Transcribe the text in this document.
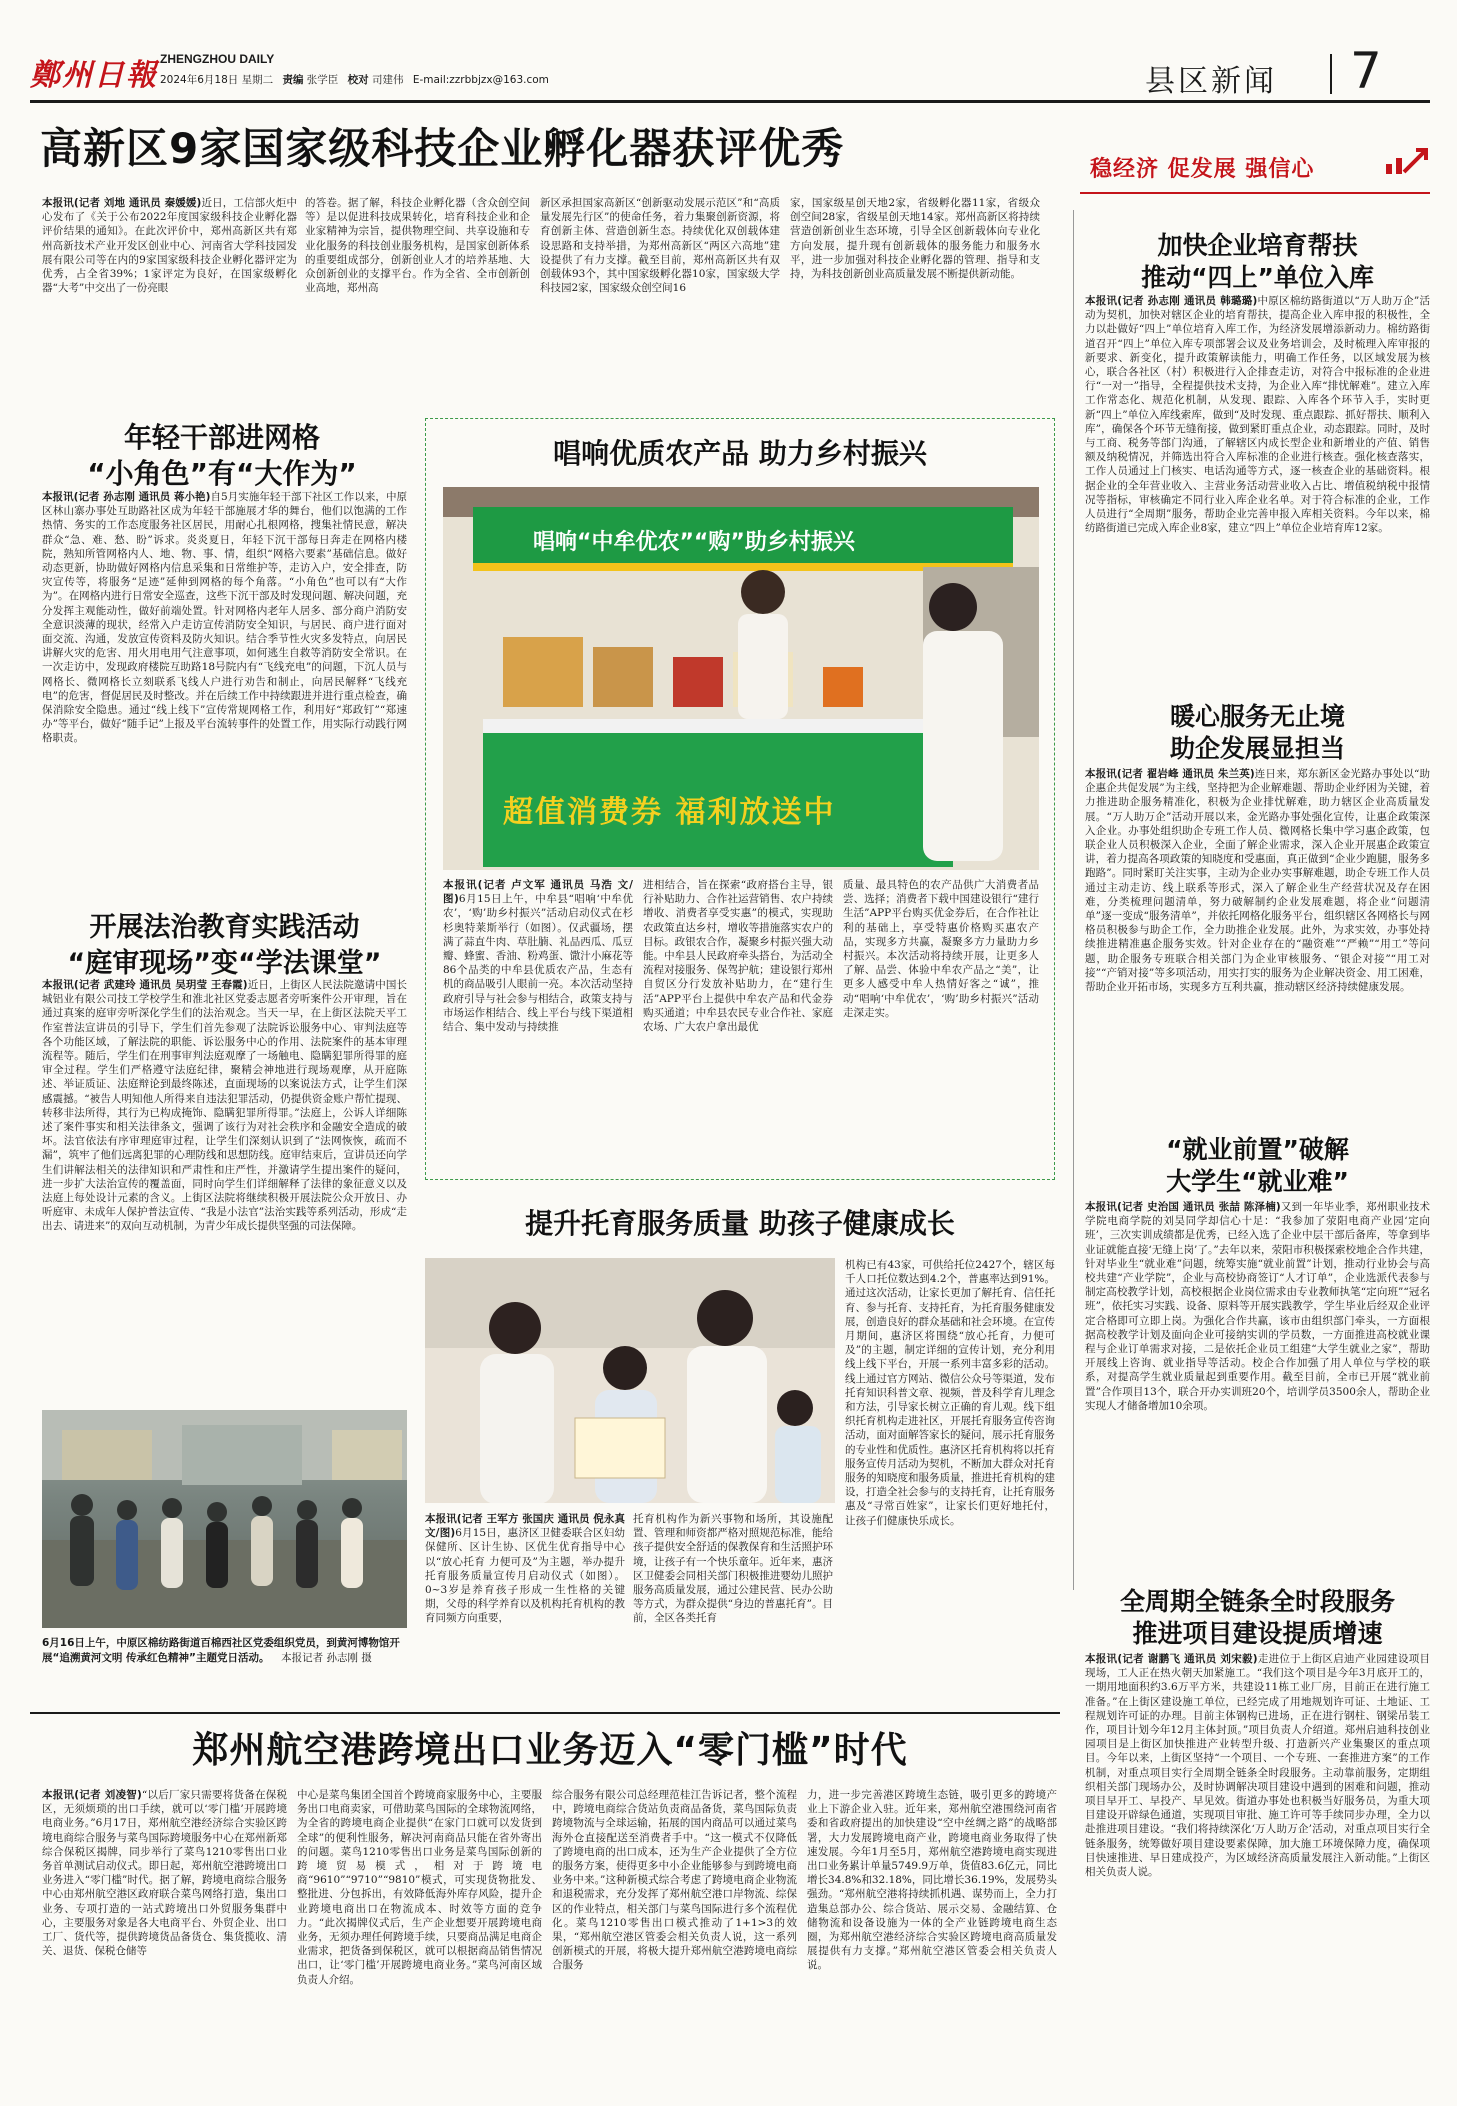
鄭州日報 ZHENGZHOU DAILY
2024年6月18日 星期二 责编 张学臣 校对 司建伟 E-mail:zzrbbjzx@163.com	县区新闻 7
高新区9家国家级科技企业孵化器获评优秀	稳经济 促发展 强信心

本报讯(记者 刘地 通讯员 秦媛媛)近日，工信部火炬中心发布了《关于公布2022年度国家级科技企业孵化器评价结果的通知》。在此次评价中，郑州高新区共有郑州高新技术产业开发区创业中心、河南省大学科技园发展有限公司等在内的9家国家级科技企业孵化器评定为优秀，占全省39%；1家评定为良好，在国家级孵化器“大考”中交出了一份亮眼

的答卷。据了解，科技企业孵化器（含众创空间等）是以促进科技成果转化，培育科技企业和企业家精神为宗旨，提供物理空间、共享设施和专业化服务的科技创业服务机构，是国家创新体系的重要组成部分，创新创业人才的培养基地、大众创新创业的支撑平台。作为全省、全市创新创业高地，郑州高

新区承担国家高新区“创新驱动发展示范区”和“高质量发展先行区”的使命任务，着力集聚创新资源，将育创新主体、营造创新生态。持续优化双创载体建设思路和支持举措，为郑州高新区“两区六高地”建设提供了有力支撑。截至目前，郑州高新区共有双创载体93个，其中国家级孵化器10家，国家级大学科技园2家，国家级众创空间16

家，国家级星创天地2家，省级孵化器11家，省级众创空间28家，省级星创天地14家。郑州高新区将持续营造创新创业生态环境，引导全区创新载体向专业化方向发展，提升现有创新载体的服务能力和服务水平，进一步加强对科技企业孵化器的管理、指导和支持，为科技创新创业高质量发展不断提供新动能。

年轻干部进网格
“小角色”有“大作为”

本报讯(记者 孙志刚 通讯员 蒋小艳)自5月实施年轻干部下社区工作以来，中原区林山寨办事处互助路社区成为年轻干部施展才华的舞台，他们以饱满的工作热情、务实的工作态度服务社区居民，用耐心扎根网格，搜集社情民意，解决群众“急、难、愁、盼”诉求。炎炎夏日，年轻下沉干部每日奔走在网格内楼院，熟知所管网格内人、地、物、事、情，组织“网格六要素”基础信息。做好动态更新，协助做好网格内信息采集和日常维护等，走访入户，安全排查，防灾宣传等，将服务“足迹”延伸到网格的每个角落。“小角色”也可以有“大作为”。在网格内进行日常安全巡查，这些下沉干部及时发现问题、解决问题，充分发挥主观能动性，做好前端处置。针对网格内老年人居多、部分商户消防安全意识淡薄的现状，经常入户走访宣传消防安全知识，与居民、商户进行面对面交流、沟通，发放宣传资料及防火知识。结合季节性火灾多发特点，向居民讲解火灾的危害、用火用电用气注意事项，如何逃生自救等消防安全常识。在一次走访中，发现政府楼院互助路18号院内有“飞线充电”的问题，下沉人员与网格长、微网格长立刻联系飞线人户进行劝告和制止，向居民解释“飞线充电”的危害，督促居民及时整改。并在后续工作中持续跟进并进行重点检查，确保消除安全隐患。通过“线上线下”宣传常规网格工作，利用好“郑政钉”“郑速办”等平台，做好“随手记”上报及平台流转事件的处置工作，用实际行动践行网格职责。

开展法治教育实践活动
“庭审现场”变“学法课堂”

本报讯(记者 武建玲 通讯员 吴玥莹 王春霞)近日，上街区人民法院邀请中国长城铝业有限公司技工学校学生和淮北社区党委志愿者旁听案件公开审理，旨在通过真案的庭审旁听深化学生们的法治观念。当天一早，在上街区法院天平工作室普法宣讲员的引导下，学生们首先参观了法院诉讼服务中心、审判法庭等各个功能区域，了解法院的职能、诉讼服务中心的作用、法院案件的基本审理流程等。随后，学生们在刑事审判法庭观摩了一场触电、隐瞒犯罪所得罪的庭审全过程。学生们严格遵守法庭纪律，聚精会神地进行现场观摩，从开庭陈述、举证质证、法庭辩论到最终陈述，直面现场的以案说法方式，让学生们深感震撼。“被告人明知他人所得来自违法犯罪活动，仍提供资金账户帮忙提现、转移非法所得，其行为已构成掩饰、隐瞒犯罪所得罪。”法庭上，公诉人详细陈述了案件事实和相关法律条文，强调了该行为对社会秩序和金融安全造成的破坏。法官依法有序审理庭审过程，让学生们深刻认识到了“法网恢恢，疏而不漏”，筑牢了他们远离犯罪的心理防线和思想防线。庭审结束后，宣讲员还向学生们讲解法相关的法律知识和严肃性和庄严性，并激请学生提出案件的疑问，进一步扩大法治宣传的覆盖面，同时向学生们详细解释了法律的象征意义以及法庭上每处设计元素的含义。上街区法院将继续积极开展法院公众开放日、办听庭审、未成年人保护普法宣传、“我是小法官”法治实践等系列活动，形成“走出去、请进来”的双向互动机制，为青少年成长提供坚强的司法保障。

6月16日上午，中原区棉纺路街道百棉西社区党委组织党员，到黄河博物馆开展“追溯黄河文明 传承红色精神”主题党日活动。 本报记者 孙志刚 摄
唱响优质农产品 助力乡村振兴
唱响“中牟优农”“购”助乡村振兴
超值消费券 福利放送中

本报讯(记者 卢文军 通讯员 马浩 文/图)6月15日上午，中牟县“唱响‘中牟优农’，‘购’助乡村振兴”活动启动仪式在杉杉奥特莱斯举行（如图）。仅武疆场，摆满了蒜直牛肉、草肚腩、礼品西瓜、瓜豆瓣、蜂蜜、香油、粉鸡蛋、馓汁小麻花等86个品类的中牟县优质农产品，生态有机的商品吸引人眼前一亮。本次活动坚持政府引导与社会参与相结合，政策支持与市场运作相结合、线上平台与线下渠道相结合、集中发动与持续推

进相结合，旨在探索“政府搭台主导，银行补贴助力、合作社运营销售、农户持续增收、消费者享受实惠”的模式，实现助农政策直达乡村，增收等措施落实农户的目标。政银农合作，凝聚乡村振兴强大动能。中牟县人民政府牵头搭台，为活动全流程对接服务、保驾护航；建设银行郑州自贸区分行发放补贴助力，在“建行生活”APP平台上提供中牟农产品和代金券购买通道；中牟县农民专业合作社、家庭农场、广大农户拿出最优

质量、最具特色的农产品供广大消费者品尝、选择；消费者下载中国建设银行“建行生活”APP平台购买优金券后，在合作社让利的基础上，享受特惠价格购买惠农产品，实现多方共赢，凝聚多方力量助力乡村振兴。本次活动将持续开展，让更多人了解、品尝、体验中牟农产品之“美”，让更多人感受中牟人热情好客之“诚”，推动“唱响‘中牟优农’，‘购’助乡村振兴”活动走深走实。

提升托育服务质量 助孩子健康成长

本报讯(记者 王军方 张国庆 通讯员 倪永真 文/图)6月15日，惠济区卫健委联合区妇幼保健所、区计生协、区优生优育指导中心以“放心托育 力便可及”为主题，举办提升托育服务质量宣传月启动仪式（如图）。0~3岁是养育孩子形成一生性格的关键期，父母的科学养育以及机构托育机构的教育同频方向重要，

托育机构作为新兴事物和场所，其设施配置、管理和师资都严格对照规范标准，能给孩子提供安全舒适的保教保育和生活照护环境，让孩子有一个快乐童年。近年来，惠济区卫健委会同相关部门积极推进婴幼儿照护服务高质量发展，通过公建民营、民办公助等方式，为群众提供“身边的普惠托育”。目前，全区各类托育

机构已有43家，可供给托位2427个，辖区每千人口托位数达到4.2个，普惠率达到91%。通过这次活动，让家长更加了解托育、信任托育、参与托育、支持托育，为托育服务健康发展，创造良好的群众基础和社会环境。在宣传月期间，惠济区将围绕“放心托育，力便可及”的主题，制定详细的宣传计划，充分利用线上线下平台，开展一系列丰富多彩的活动。线上通过官方网站、微信公众号等渠道，发布托育知识科普文章、视频，普及科学育儿理念和方法，引导家长树立正确的育儿观。线下组织托育机构走进社区，开展托育服务宣传咨询活动，面对面解答家长的疑问，展示托育服务的专业性和优质性。惠济区托育机构将以托育服务宣传月活动为契机，不断加大群众对托育服务的知晓度和服务质量，推进托育机构的建设，打造全社会参与的支持托育，让托育服务惠及“寻常百姓家”，让家长们更好地托付，让孩子们健康快乐成长。

加快企业培育帮扶
推动“四上”单位入库

本报讯(记者 孙志刚 通讯员 韩璐璐)中原区棉纺路街道以“万人助万企”活动为契机，加快对辖区企业的培育帮扶，提高企业入库申报的积极性，全力以赴做好“四上”单位培育入库工作，为经济发展增添新动力。棉纺路街道召开“四上”单位入库专项部署会议及业务培训会，及时梳理入库审报的新要求、新变化，提升政策解读能力，明确工作任务，以区域发展为核心，联合各社区（村）积极进行入企排查走访，对符合中报标准的企业进行“一对一”指导，全程提供技术支持，为企业入库“排忧解难”。建立入库工作常态化、规范化机制，从发现、跟踪、入库各个环节入手，实时更新“四上”单位入库线索库，做到“及时发现、重点跟踪、抓好帮扶、顺利入库”，确保各个环节无缝衔接，做到紧盯重点企业，动态跟踪。同时，及时与工商、税务等部门沟通，了解辖区内成长型企业和新增业的产值、销售额及纳税情况，并筛选出符合入库标准的企业进行核查。强化核查落实，工作人员通过上门核实、电话沟通等方式，逐一核查企业的基础资料。根据企业的全年营业收入、主营业务活动营业收入占比、增值税纳税中报情况等指标，审核确定不同行业入库企业名单。对于符合标准的企业，工作人员进行“全周期”服务，帮助企业完善申报入库相关资料。今年以来，棉纺路街道已完成入库企业8家，建立“四上”单位企业培育库12家。

暖心服务无止境
助企发展显担当

本报讯(记者 翟岩峰 通讯员 朱兰英)连日来，郑东新区金光路办事处以“助企惠企共促发展”为主线，坚持把为企业解难题、帮助企业纾困为关键，着力推进助企服务精准化，积极为企业排忧解难，助力辖区企业高质量发展。“万人助万企”活动开展以来，金光路办事处强化宣传，让惠企政策深入企业。办事处组织助企专班工作人员、微网格长集中学习惠企政策，包联企业人员积极深入企业，全面了解企业需求，深入企业开展惠企政策宣讲，着力提高各项政策的知晓度和受惠面，真正做到“企业少跑腿，服务多跑路”。同时紧盯关注实事，主动为企业办实事解难题，助企专班工作人员通过主动走访、线上联系等形式，深入了解企业生产经营状况及存在困难，分类梳理问题清单，努力破解制约企业发展难题，将企业“问题清单”逐一变成“服务清单”，并依托网格化服务平台，组织辖区各网格长与网格员积极参与助企工作，全力助推企业发展。此外，为求实效，办事处持续推进精准惠企服务实效。针对企业存在的“融资难”“严赖”“用工”等问题，助企服务专班联合相关部门为企业审核服务、“银企对接”“用工对接”“产销对接”等多项活动，用实打实的服务为企业解决资金、用工困难，帮助企业开拓市场，实现多方互利共赢，推动辖区经济持续健康发展。

“就业前置”破解
大学生“就业难”

本报讯(记者 史治国 通讯员 张喆 陈泽楠)又到一年毕业季，郑州职业技术学院电商学院的刘昊同学却信心十足：“我参加了荥阳电商产业园‘定向班’，三次实训成绩都是优秀，已经入选了企业中层干部后备库，等拿到毕业证就能直接‘无缝上岗’了。”去年以来，荥阳市积极探索校地企合作共建，针对毕业生“就业难”问题，统筹实施“就业前置”计划，推动行业协会与高校共建“产业学院”，企业与高校协商签订“人才订单”，企业选派代表参与制定高校教学计划，高校根据企业岗位需求由专业教师执笔“定向班”“冠名班”，依托实习实践、设备、原料等开展实践教学，学生毕业后经双企业评定合格即可立即上岗。为强化合作共赢，该市由组织部门牵头，一方面根据高校教学计划及面向企业可接纳实训的学员数，一方面推进高校就业课程与企业订单需求对接，二是依托企业员工组建“大学生就业之家”，帮助开展线上咨询、就业指导等活动。校企合作加强了用人单位与学校的联系，对提高学生就业质量起到重要作用。截至目前，全市已开展“就业前置”合作项目13个，联合开办实训班20个，培训学员3500余人，帮助企业实现人才储备增加10余项。

全周期全链条全时段服务
推进项目建设提质增速

本报讯(记者 谢鹏飞 通讯员 刘宋毅)走进位于上街区启迪产业园建设项目现场，工人正在热火朝天加紧施工。“我们这个项目是今年3月底开工的，一期用地面积约3.6万平方米，共建设11栋工业厂房，目前正在进行施工准备。”在上街区建设施工单位，已经完成了用地规划许可证、土地证、工程规划许可证的办理。目前主体钢构已进场，正在进行钢柱、钢梁吊装工作，项目计划今年12月主体封顶。”项目负责人介绍道。郑州启迪科技创业园项目是上街区加快推进产业转型升级、打造新兴产业集聚区的重点项目。今年以来，上街区坚持“一个项目、一个专班、一套推进方案”的工作机制，对重点项目实行全周期全链条全时段服务。主动靠前服务，定期组织相关部门现场办公，及时协调解决项目建设中遇到的困难和问题，推动项目早开工、早投产、早见效。街道办事处也积极当好服务员，为重大项目建设开辟绿色通道，实现项目审批、施工许可等手续同步办理，全力以赴推进项目建设。“我们将持续深化‘万人助万企’活动，对重点项目实行全链条服务，统筹做好项目建设要素保障，加大施工环境保障力度，确保项目快速推进、早日建成投产，为区域经济高质量发展注入新动能。”上街区相关负责人说。

郑州航空港跨境出口业务迈入“零门槛”时代

本报讯(记者 刘凌智)“以后厂家只需要将货备在保税区，无须烦琐的出口手续，就可以‘零门槛’开展跨境电商业务。”6月17日，郑州航空港经济综合实验区跨境电商综合服务与菜鸟国际跨境服务中心在郑州新郑综合保税区揭牌，同步举行了菜鸟1210零售出口业务首单测试启动仪式。即日起，郑州航空港跨境出口业务进入“零门槛”时代。据了解，跨境电商综合服务中心由郑州航空港区政府联合菜鸟网络打造，集出口业务、专项打造的一站式跨境出口外贸服务集群中心，主要服务对象是各大电商平台、外贸企业、出口工厂、货代等，提供跨境货品备货仓、集货揽收、清关、退货、保税仓储等

中心是菜鸟集团全国首个跨境商家服务中心，主要服务出口电商卖家，可借助菜鸟国际的全球物流网络，为全省的跨境电商企业提供“在家门口就可以发货到全球”的便利性服务，解决河南商品只能在省外寄出的问题。菜鸟1210零售出口业务是菜鸟国际创新的跨境贸易模式，相对于跨境电商“9610”“9710”“9810”模式，可实现货物批发、整批进、分包拆出，有效降低海外库存风险，提升企业跨境电商出口在物流成本、时效等方面的竞争力。“此次揭牌仪式后，生产企业想要开展跨境电商业务，无须办理任何跨境手续，只要商品满足电商企业需求，把货备到保税区，就可以根据商品销售情况出口，让‘零门槛’开展跨境电商业务。”菜鸟河南区域负责人介绍。

综合服务有限公司总经理范桂江告诉记者，整个流程中，跨境电商综合货站负责商品备货，菜鸟国际负责跨境物流与全球运输，拓展的国内商品可以通过菜鸟海外仓直接配送至消费者手中。“这一模式不仅降低了跨境电商的出口成本，还为生产企业提供了全方位的服务方案，使得更多中小企业能够参与到跨境电商业务中来。”这种新模式综合考虑了跨境电商企业物流和退税需求，充分发挥了郑州航空港口岸物流、综保区的作业特点，相关部门与菜鸟国际进行多个流程优化。菜鸟1210零售出口模式推动了1+1>3的效果，“郑州航空港区管委会相关负责人说，这一系列创新模式的开展，将极大提升郑州航空港跨境电商综合服务

力，进一步完善港区跨境生态链，吸引更多的跨境产业上下游企业入驻。近年来，郑州航空港围绕河南省委和省政府提出的加快建设“空中丝绸之路”的战略部署，大力发展跨境电商产业，跨境电商业务取得了快速发展。今年1月至5月，郑州航空港跨境电商实现进出口业务累计单量5749.9万单，货值83.6亿元，同比增长34.8%和32.18%，同比增长36.19%，发展势头强劲。“郑州航空港将持续抓机遇、谋势而上，全力打造集总部办公、综合货站、展示交易、金融结算、仓储物流和设备设施为一体的全产业链跨境电商生态圈，为郑州航空港经济综合实验区跨境电商高质量发展提供有力支撑。”郑州航空港区管委会相关负责人说。
